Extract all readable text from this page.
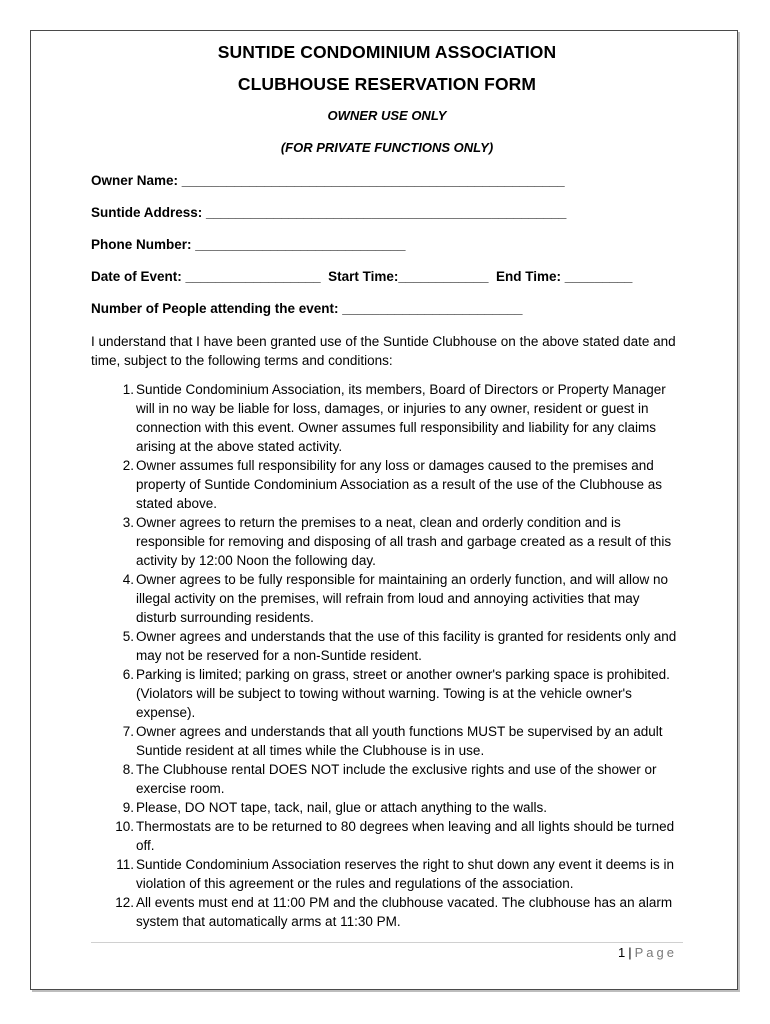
SUNTIDE CONDOMINIUM ASSOCIATION
CLUBHOUSE RESERVATION FORM

OWNER USE ONLY

(FOR PRIVATE FUNCTIONS ONLY)

Owner Name: ___________________________________________________

Suntide Address: ________________________________________________

Phone Number: ____________________________

Date of Event: __________________  Start Time:____________  End Time: _________

Number of People attending the event: ________________________

I understand that I have been granted use of the Suntide Clubhouse on the above stated date and time, subject to the following terms and conditions:

1. Suntide Condominium Association, its members, Board of Directors or Property Manager will in no way be liable for loss, damages, or injuries to any owner, resident or guest in connection with this event. Owner assumes full responsibility and liability for any claims arising at the above stated activity.
2. Owner assumes full responsibility for any loss or damages caused to the premises and property of Suntide Condominium Association as a result of the use of the Clubhouse as stated above.
3. Owner agrees to return the premises to a neat, clean and orderly condition and is responsible for removing and disposing of all trash and garbage created as a result of this activity by 12:00 Noon the following day.
4. Owner agrees to be fully responsible for maintaining an orderly function, and will allow no illegal activity on the premises, will refrain from loud and annoying activities that may disturb surrounding residents.
5. Owner agrees and understands that the use of this facility is granted for residents only and may not be reserved for a non-Suntide resident.
6. Parking is limited; parking on grass, street or another owner's parking space is prohibited. (Violators will be subject to towing without warning. Towing is at the vehicle owner's expense).
7. Owner agrees and understands that all youth functions MUST be supervised by an adult Suntide resident at all times while the Clubhouse is in use.
8. The Clubhouse rental DOES NOT include the exclusive rights and use of the shower or exercise room.
9. Please, DO NOT tape, tack, nail, glue or attach anything to the walls.
10. Thermostats are to be returned to 80 degrees when leaving and all lights should be turned off.
11. Suntide Condominium Association reserves the right to shut down any event it deems is in violation of this agreement or the rules and regulations of the association.
12. All events must end at 11:00 PM and the clubhouse vacated. The clubhouse has an alarm system that automatically arms at 11:30 PM.
1 | Page
